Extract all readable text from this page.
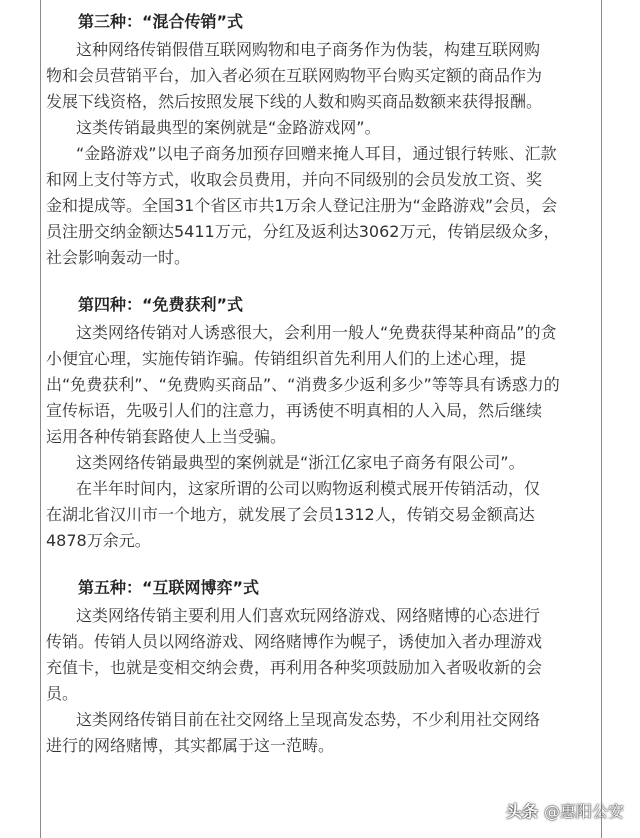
第三种：“混合传销”式
这种网络传销假借互联网购物和电子商务作为伪装，构建互联网购
物和会员营销平台，加入者必须在互联网购物平台购买定额的商品作为
发展下线资格，然后按照发展下线的人数和购买商品数额来获得报酬。
这类传销最典型的案例就是“金路游戏网”。
“金路游戏”以电子商务加预存回赠来掩人耳目，通过银行转账、汇款
和网上支付等方式，收取会员费用，并向不同级别的会员发放工资、奖
金和提成等。全国31个省区市共1万余人登记注册为“金路游戏”会员，会
员注册交纳金额达5411万元，分红及返利达3062万元，传销层级众多，
社会影响轰动一时。
第四种：“免费获利”式
这类网络传销对人诱惑很大，会利用一般人“免费获得某种商品”的贪
小便宜心理，实施传销诈骗。传销组织首先利用人们的上述心理，提
出“免费获利”、“免费购买商品”、“消费多少返利多少”等等具有诱惑力的
宣传标语，先吸引人们的注意力，再诱使不明真相的人入局，然后继续
运用各种传销套路使人上当受骗。
这类网络传销最典型的案例就是“浙江亿家电子商务有限公司”。
在半年时间内，这家所谓的公司以购物返利模式展开传销活动，仅
在湖北省汉川市一个地方，就发展了会员1312人，传销交易金额高达
4878万余元。
第五种：“互联网博弈”式
这类网络传销主要利用人们喜欢玩网络游戏、网络赌博的心态进行
传销。传销人员以网络游戏、网络赌博作为幌子，诱使加入者办理游戏
充值卡，也就是变相交纳会费，再利用各种奖项鼓励加入者吸收新的会
员。
这类网络传销目前在社交网络上呈现高发态势，不少利用社交网络
进行的网络赌博，其实都属于这一范畴。
头条 @惠阳公安
